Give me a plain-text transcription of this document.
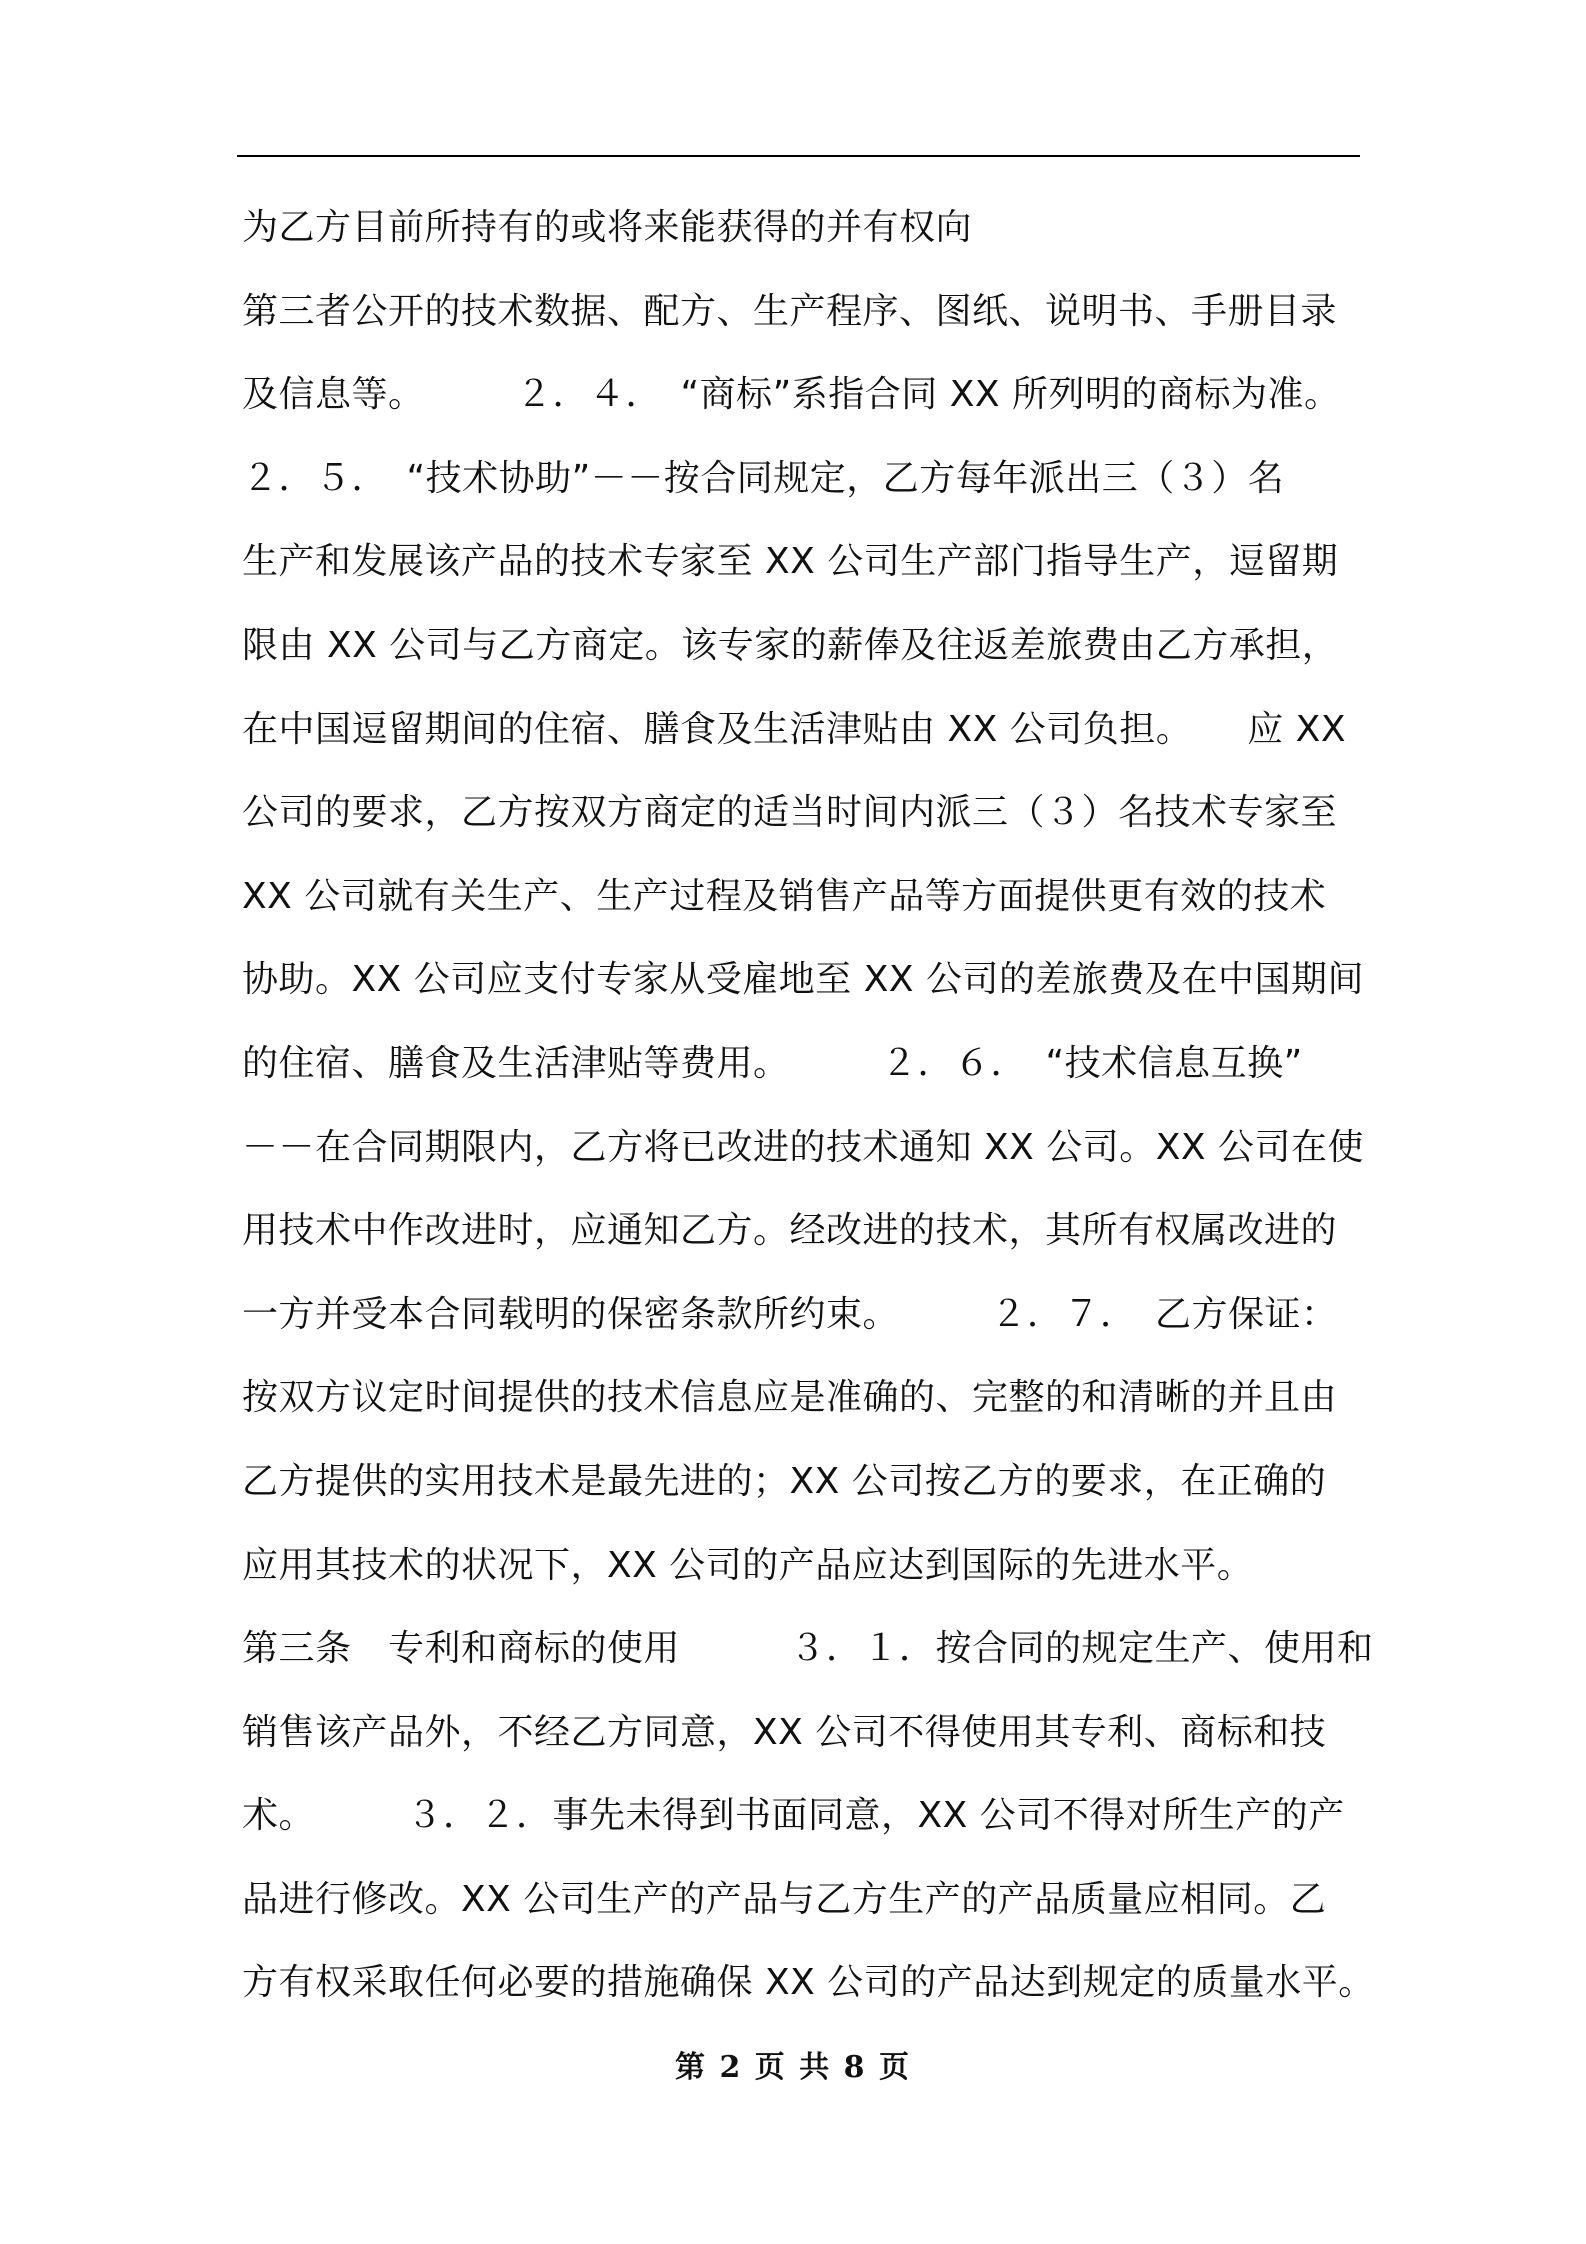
为乙方目前所持有的或将来能获得的并有权向
第三者公开的技术数据、配方、生产程序、图纸、说明书、手册目录
及信息等。　　　２．４．　“商标”系指合同 XX 所列明的商标为准。
２．５．　“技术协助”－－按合同规定，乙方每年派出三（３）名
生产和发展该产品的技术专家至 XX 公司生产部门指导生产，逗留期
限由 XX 公司与乙方商定。该专家的薪俸及往返差旅费由乙方承担，
在中国逗留期间的住宿、膳食及生活津贴由 XX 公司负担。　　应 XX
公司的要求，乙方按双方商定的适当时间内派三（３）名技术专家至
XX 公司就有关生产、生产过程及销售产品等方面提供更有效的技术
协助。XX 公司应支付专家从受雇地至 XX 公司的差旅费及在中国期间
的住宿、膳食及生活津贴等费用。　　　２．６．　“技术信息互换”
－－在合同期限内，乙方将已改进的技术通知 XX 公司。XX 公司在使
用技术中作改进时，应通知乙方。经改进的技术，其所有权属改进的
一方并受本合同载明的保密条款所约束。　　　２．７．　乙方保证：
按双方议定时间提供的技术信息应是准确的、完整的和清晰的并且由
乙方提供的实用技术是最先进的；XX 公司按乙方的要求，在正确的
应用其技术的状况下，XX 公司的产品应达到国际的先进水平。
第三条　专利和商标的使用　　　３．１．按合同的规定生产、使用和
销售该产品外，不经乙方同意，XX 公司不得使用其专利、商标和技
术。　　　３．２．事先未得到书面同意，XX 公司不得对所生产的产
品进行修改。XX 公司生产的产品与乙方生产的产品质量应相同。乙
方有权采取任何必要的措施确保 XX 公司的产品达到规定的质量水平。
第 2 页 共 8 页
